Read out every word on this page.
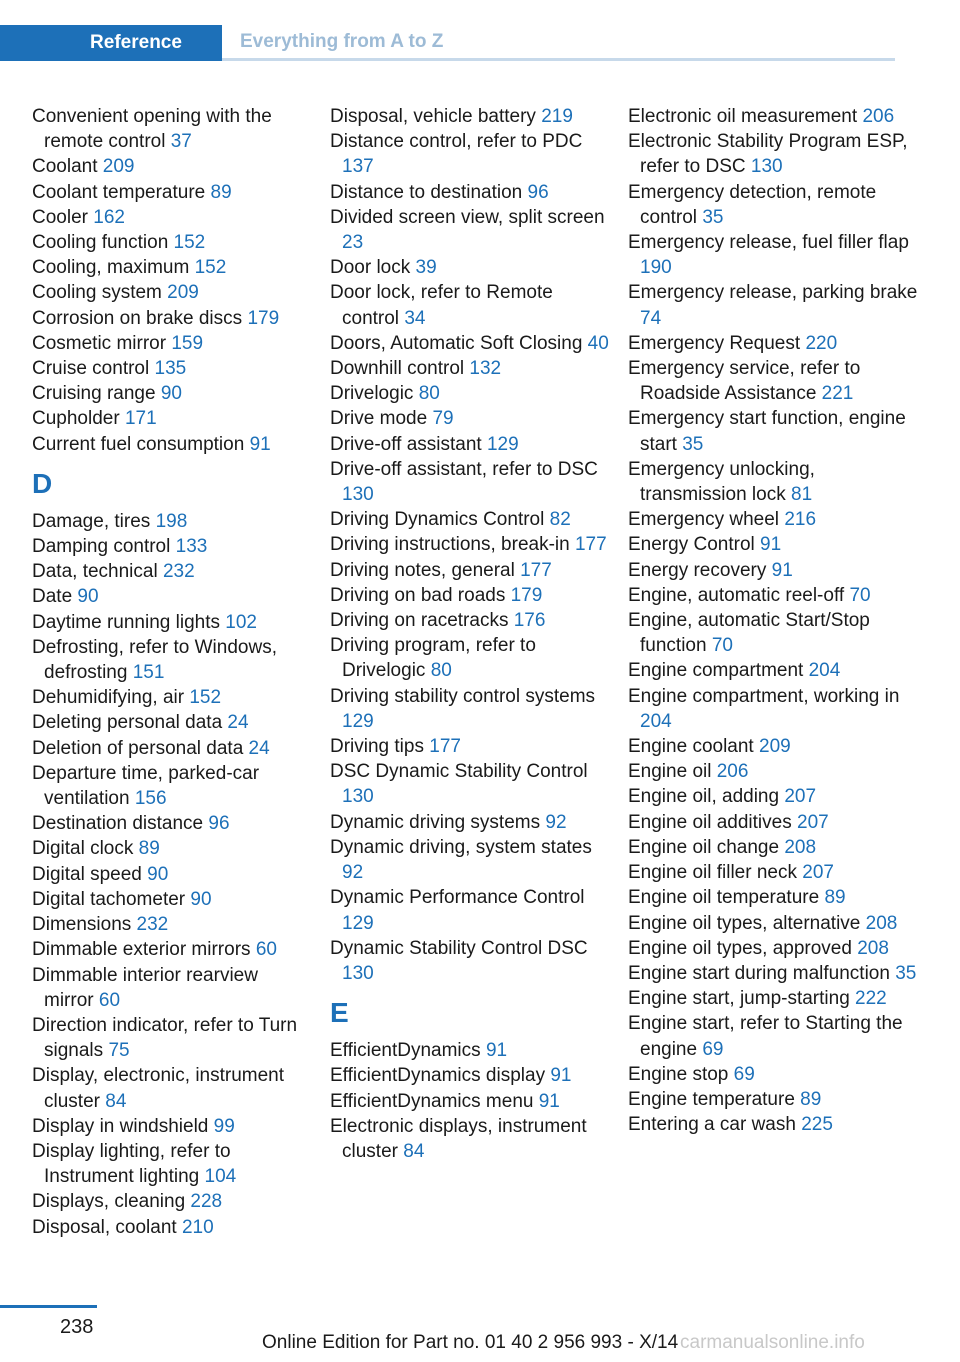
Reference	Everything from A to Z
Convenient opening with the remote control 37
Coolant 209
Coolant temperature 89
Cooler 162
Cooling function 152
Cooling, maximum 152
Cooling system 209
Corrosion on brake discs 179
Cosmetic mirror 159
Cruise control 135
Cruising range 90
Cupholder 171
Current fuel consumption 91
D
Damage, tires 198
Damping control 133
Data, technical 232
Date 90
Daytime running lights 102
Defrosting, refer to Windows, defrosting 151
Dehumidifying, air 152
Deleting personal data 24
Deletion of personal data 24
Departure time, parked-car ventilation 156
Destination distance 96
Digital clock 89
Digital speed 90
Digital tachometer 90
Dimensions 232
Dimmable exterior mirrors 60
Dimmable interior rearview mirror 60
Direction indicator, refer to Turn signals 75
Display, electronic, instrument cluster 84
Display in windshield 99
Display lighting, refer to Instrument lighting 104
Displays, cleaning 228
Disposal, coolant 210
Disposal, vehicle battery 219
Distance control, refer to PDC 137
Distance to destination 96
Divided screen view, split screen 23
Door lock 39
Door lock, refer to Remote control 34
Doors, Automatic Soft Closing 40
Downhill control 132
Drivelogic 80
Drive mode 79
Drive-off assistant 129
Drive-off assistant, refer to DSC 130
Driving Dynamics Control 82
Driving instructions, break-in 177
Driving notes, general 177
Driving on bad roads 179
Driving on racetracks 176
Driving program, refer to Drivelogic 80
Driving stability control systems 129
Driving tips 177
DSC Dynamic Stability Control 130
Dynamic driving systems 92
Dynamic driving, system states 92
Dynamic Performance Control 129
Dynamic Stability Control DSC 130
E
EfficientDynamics 91
EfficientDynamics display 91
EfficientDynamics menu 91
Electronic displays, instrument cluster 84
Electronic oil measurement 206
Electronic Stability Program ESP, refer to DSC 130
Emergency detection, remote control 35
Emergency release, fuel filler flap 190
Emergency release, parking brake 74
Emergency Request 220
Emergency service, refer to Roadside Assistance 221
Emergency start function, engine start 35
Emergency unlocking, transmission lock 81
Emergency wheel 216
Energy Control 91
Energy recovery 91
Engine, automatic reel-off 70
Engine, automatic Start/Stop function 70
Engine compartment 204
Engine compartment, working in 204
Engine coolant 209
Engine oil 206
Engine oil, adding 207
Engine oil additives 207
Engine oil change 208
Engine oil filler neck 207
Engine oil temperature 89
Engine oil types, alternative 208
Engine oil types, approved 208
Engine start during malfunction 35
Engine start, jump-starting 222
Engine start, refer to Starting the engine 69
Engine stop 69
Engine temperature 89
Entering a car wash 225
238
Online Edition for Part no. 01 40 2 956 993 - X/14 carmanualsonline.info
